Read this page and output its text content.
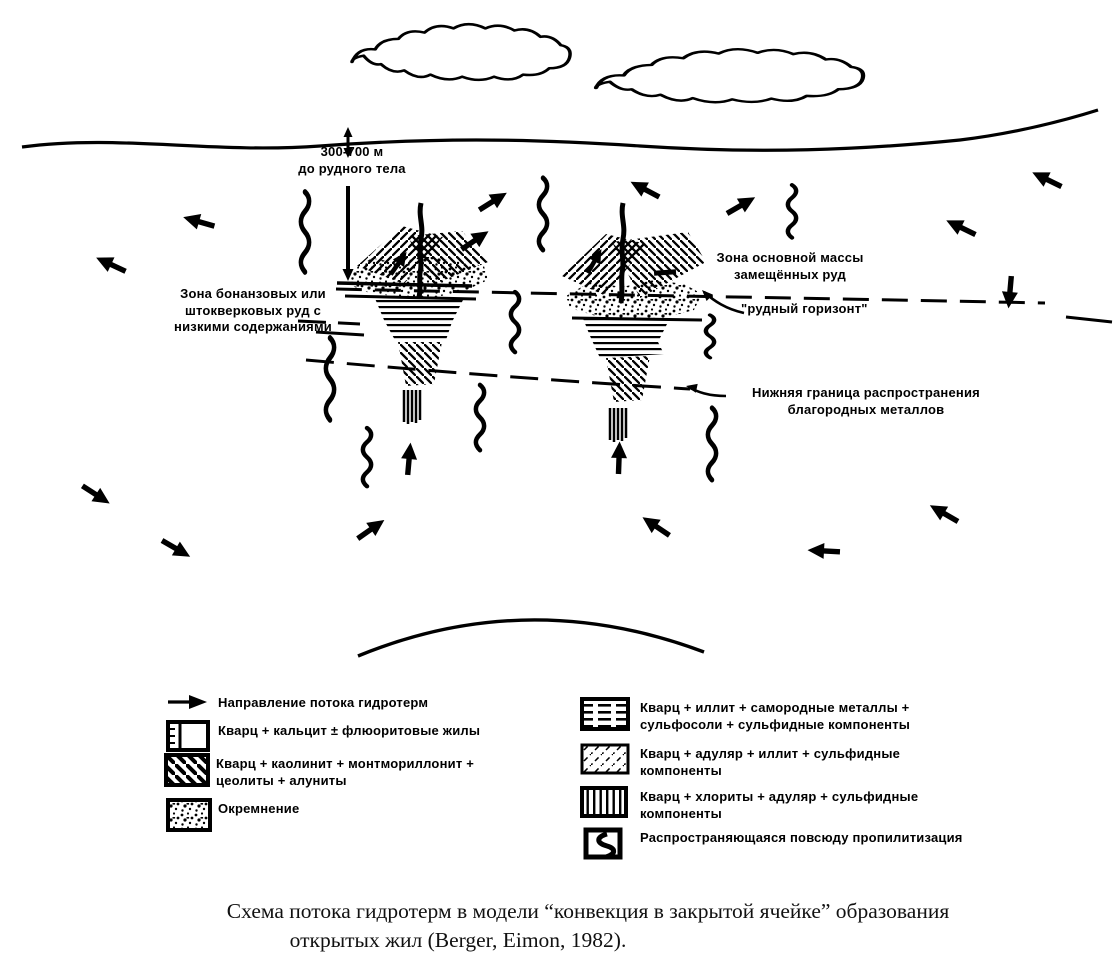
300-700 м
до рудного тела
Зона бонанзовых или
штокверковых руд с
низкими содержаниями
Зона основной массы
замещённых руд
"рудный горизонт"
Нижняя граница распространения
благородных металлов
Направление потока гидротерм
Кварц + кальцит ± флюоритовые жилы
Кварц + каолинит + монтмориллонит +
цеолиты + алуниты
Окремнение
Кварц + иллит + самородные металлы +
сульфосоли + сульфидные компоненты
Кварц + адуляр + иллит + сульфидные
компоненты
Кварц + хлориты + адуляр + сульфидные
компоненты
Распространяющаяся повсюду пропилитизация
Схема потока гидротерм в модели “конвекция в закрытой ячейке” образования
открытых жил (Berger, Eimon, 1982).
